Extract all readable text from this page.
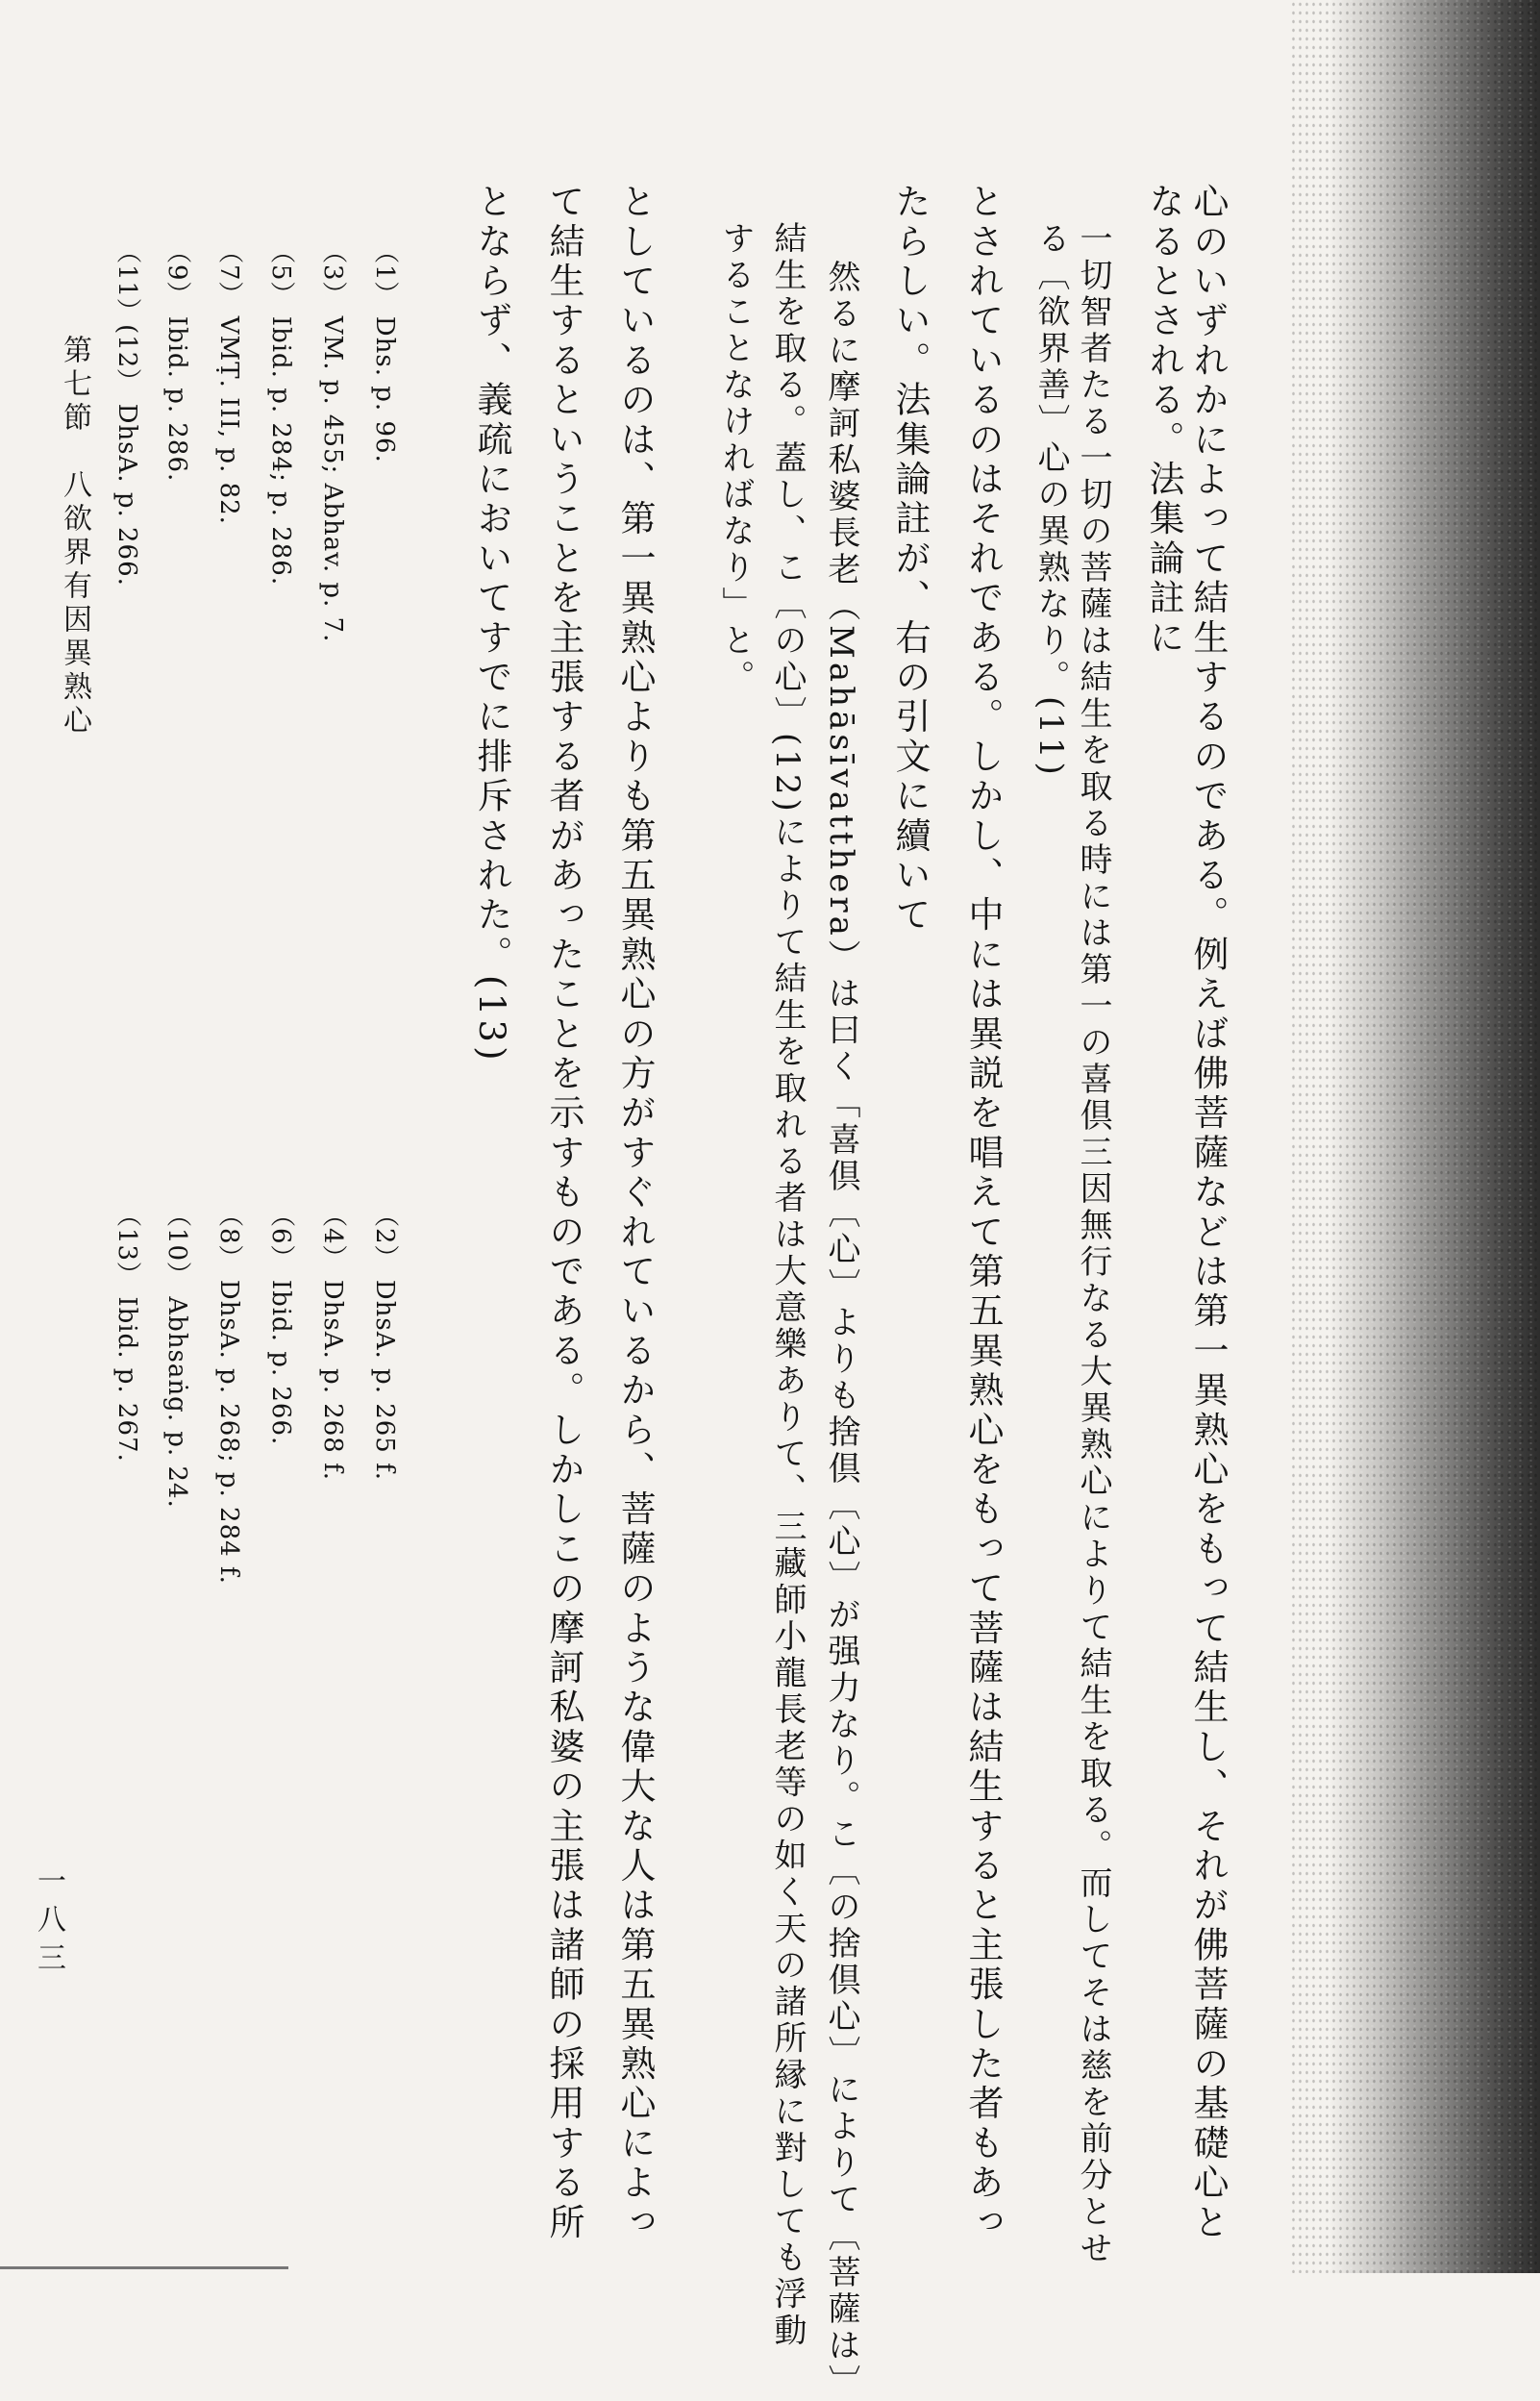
心のいずれかによって結生するのである。例えば佛菩薩などは第一異熟心をもって結生し、それが佛菩薩の基礎心と
なるとされる。法集論註に
一切智者たる一切の菩薩は結生を取る時には第一の喜倶三因無行なる大異熟心によりて結生を取る。而してそは慈を前分とせ
る〔欲界善〕心の異熟なり。(11)
とされているのはそれである。しかし、中には異説を唱えて第五異熟心をもって菩薩は結生すると主張した者もあっ
たらしい。法集論註が、右の引文に續いて
然るに摩訶私婆長老（Mahāsīvatthera）は曰く「喜倶〔心〕よりも捨倶〔心〕が强力なり。こ〔の捨倶心〕によりて〔菩薩は〕
結生を取る。蓋し、こ〔の心〕(12)によりて結生を取れる者は大意樂ありて、三藏師小龍長老等の如く天の諸所縁に對しても浮動
することなければなり」と。
としているのは、第一異熟心よりも第五異熟心の方がすぐれているから、菩薩のような偉大な人は第五異熟心によっ
て結生するということを主張する者があったことを示すものである。しかしこの摩訶私婆の主張は諸師の採用する所
とならず、義疏においてすでに排斥された。(13)
（1） Dhs. p. 96.
（2） DhsA. p. 265 f.
（3） VM. p. 455; Abhav. p. 7.
（4） DhsA. p. 268 f.
（5） Ibid. p. 284; p. 286.
（6） Ibid. p. 266.
（7） VMṬ. III, p. 82.
（8） DhsA. p. 268; p. 284 f.
（9） Ibid. p. 286.
（10） Abhsaṅg. p. 24.
（11）(12） DhsA. p. 266.
（13） Ibid. p. 267.
第七節　八欲界有因異熟心
一八三
